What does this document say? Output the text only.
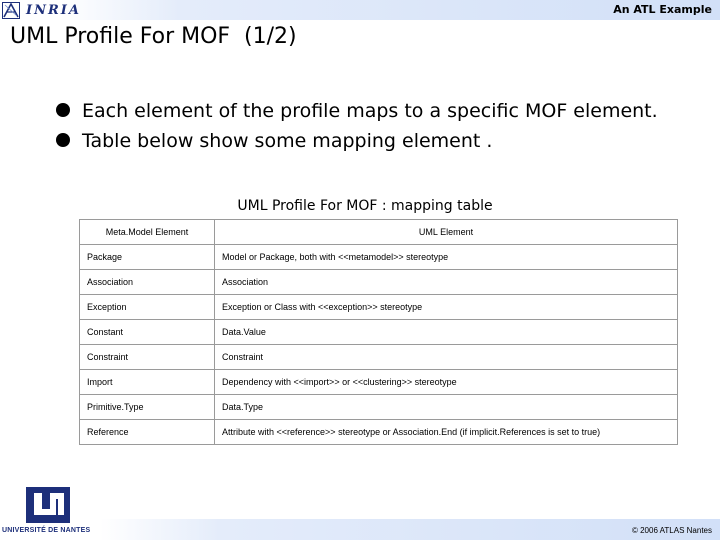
INRIA	An ATL Example
UML Profile For MOF  (1/2)
Each element of the profile maps to a specific MOF element.
Table below show some mapping element .
UML Profile For MOF : mapping table
Meta.Model Element	UML Element
Package	Model or Package, both with <<metamodel>> stereotype
Association	Association
Exception	Exception or Class with <<exception>> stereotype
Constant	Data.Value
Constraint	Constraint
Import	Dependency with <<import>> or <<clustering>> stereotype
Primitive.Type	Data.Type
Reference	Attribute with <<reference>> stereotype or Association.End (if implicit.References is set to true)
UNIVERSITÉ DE NANTES	© 2006 ATLAS Nantes
